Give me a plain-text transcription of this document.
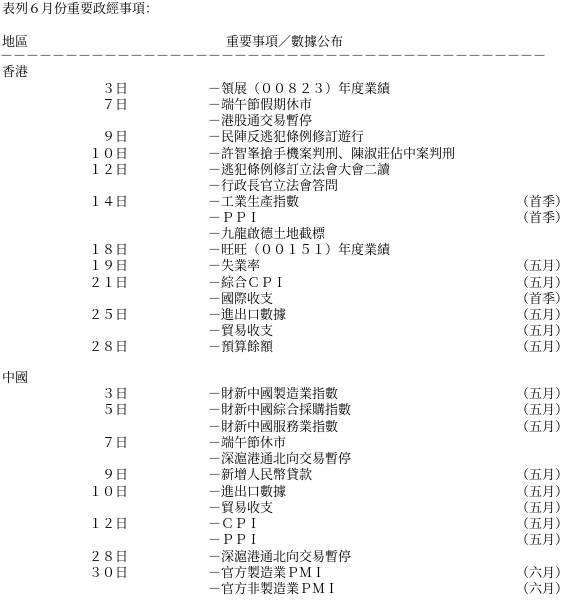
表列６月份重要政經事項：
地區	重要事項／數據公布
－－－－－－－－－－－－－－－－－－－－－－－－－－－－－－－－－－－－－－－－－－
香港
３日	－領展（００８２３）年度業績
７日	－端午節假期休市
－港股通交易暫停
９日	－民陣反逃犯條例修訂遊行
１０日	－許智峯搶手機案判刑、陳淑莊佔中案判刑
１２日	－逃犯條例修訂立法會大會二讀
－行政長官立法會答問
１４日	－工業生產指數	（首季）
－ＰＰＩ	（首季）
－九龍啟德土地截標
１８日	－旺旺（００１５１）年度業績
１９日	－失業率	（五月）
２１日	－綜合ＣＰＩ	（五月）
－國際收支	（首季）
２５日	－進出口數據	（五月）
－貿易收支	（五月）
２８日	－預算餘額	（五月）
中國
３日	－財新中國製造業指數	（五月）
５日	－財新中國綜合採購指數	（五月）
－財新中國服務業指數	（五月）
７日	－端午節休市
－深滬港通北向交易暫停
９日	－新增人民幣貸款	（五月）
１０日	－進出口數據	（五月）
－貿易收支	（五月）
１２日	－ＣＰＩ	（五月）
－ＰＰＩ	（五月）
２８日	－深滬港通北向交易暫停
３０日	－官方製造業ＰＭＩ	（六月）
－官方非製造業ＰＭＩ	（六月）
